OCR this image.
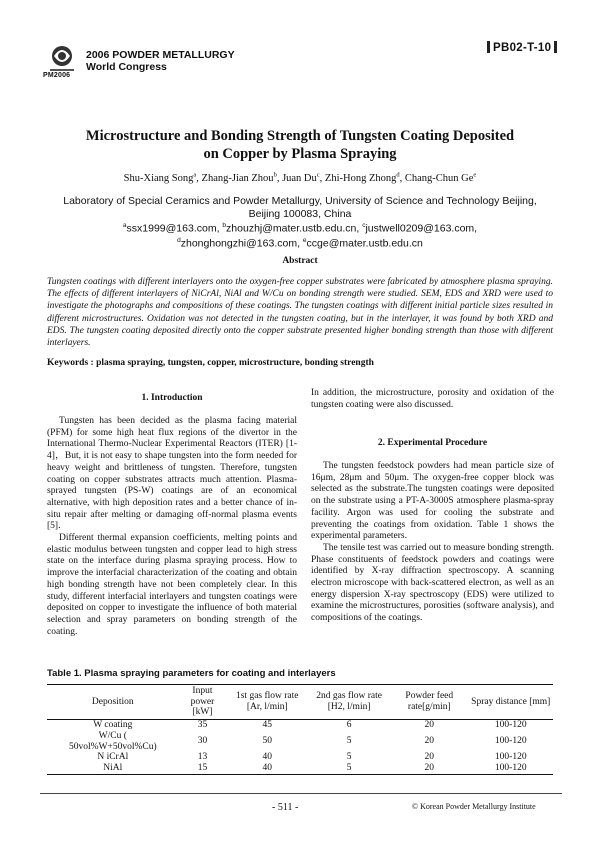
2006 POWDER METALLURGY
World Congress
PM2006
PB02-T-10
Microstructure and Bonding Strength of Tungsten Coating Deposited
on Copper by Plasma Spraying
Shu-Xiang Song$^a$, Zhang-Jian Zhou$^b$, Juan Du$^c$, Zhi-Hong Zhong$^d$, Chang-Chun Ge$^e$
Laboratory of Special Ceramics and Powder Metallurgy, University of Science and Technology Beijing,
Beijing 100083, China
$^a$ssx1999@163.com, $^b$zhouzhj@mater.ustb.edu.cn, $^c$justwell0209@163.com,
$^d$zhonghongzhi@163.com, $^e$ccge@mater.ustb.edu.cn
Abstract
Tungsten coatings with different interlayers onto the oxygen-free copper substrates were fabricated by atmosphere plasma spraying. The effects of different interlayers of NiCrAl, NiAl and W/Cu on bonding strength were studied. SEM, EDS and XRD were used to investigate the photographs and compositions of these coatings. The tungsten coatings with different initial particle sizes resulted in different microstructures. Oxidation was not detected in the tungsten coating, but in the interlayer, it was found by both XRD and EDS. The tungsten coating deposited directly onto the copper substrate presented higher bonding strength than those with different interlayers.
Keywords : plasma spraying, tungsten, copper, microstructure, bonding strength
1. Introduction

Tungsten has been decided as the plasma facing material (PFM) for some high heat flux regions of the divertor in the International Thermo-Nuclear Experimental Reactors (ITER) [1-4]，But, it is not easy to shape tungsten into the form needed for heavy weight and brittleness of tungsten. Therefore, tungsten coating on copper substrates attracts much attention. Plasma-sprayed tungsten (PS-W) coatings are of an economical alternative, with high deposition rates and a better chance of in-situ repair after melting or damaging off-normal plasma events [5].

Different thermal expansion coefficients, melting points and elastic modulus between tungsten and copper lead to high stress state on the interface during plasma spraying process. How to improve the interfacial characterization of the coating and obtain high bonding strength have not been completely clear. In this study, different interfacial interlayers and tungsten coatings were deposited on copper to investigate the influence of both material selection and spray parameters on bonding strength of the coating.

In addition, the microstructure, porosity and oxidation of the tungsten coating were also discussed.
2. Experimental Procedure

The tungsten feedstock powders had mean particle size of 16μm, 28μm and 50μm. The oxygen-free copper block was selected as the substrate.The tungsten coatings were deposited on the substrate using a PT-A-3000S atmosphere plasma-spray facility. Argon was used for cooling the substrate and preventing the coatings from oxidation. Table 1 shows the experimental parameters.

The tensile test was carried out to measure bonding strength. Phase constituents of feedstock powders and coatings were identified by X-ray diffraction spectroscopy. A scanning electron microscope with back-scattered electron, as well as an energy dispersion X-ray spectroscopy (EDS) were utilized to examine the microstructures, porosities (software analysis), and compositions of the coatings.

Table 1. Plasma spraying parameters for coating and interlayers
Deposition	Input power [kW]	1st gas flow rate [Ar, l/min]	2nd gas flow rate [H2, l/min]	Powder feed rate[g/min]	Spray distance [mm]
W coating	35	45	6	20	100-120
W/Cu ( 50vol%W+50vol%Cu)	30	50	5	20	100-120
N iCrAl	13	40	5	20	100-120
NiAl	15	40	5	20	100-120
- 511 -	© Korean Powder Metallurgy Institute
